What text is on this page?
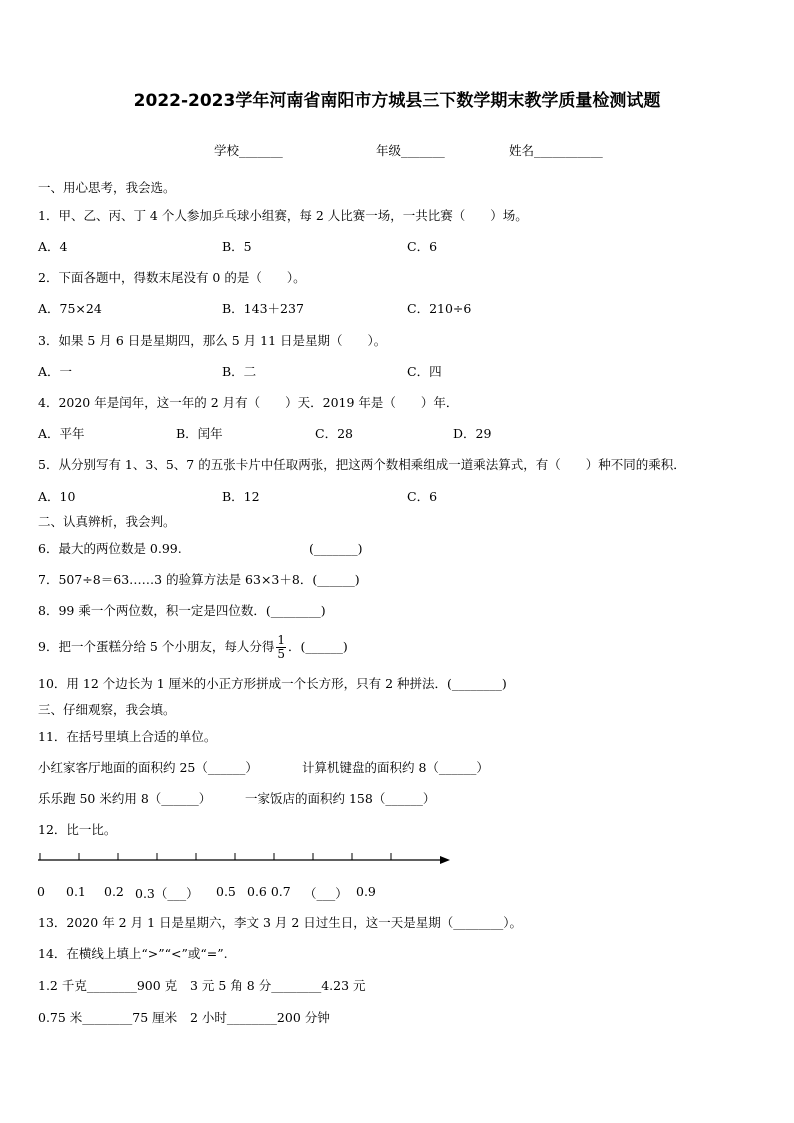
2022-2023学年河南省南阳市方城县三下数学期末教学质量检测试题
学校_______	年级_______	姓名___________
一、用心思考，我会选。
1．甲、乙、丙、丁 4 个人参加乒乓球小组赛，每 2 人比赛一场，一共比赛（　　）场。
A．4	B．5	C．6
2．下面各题中，得数末尾没有 0 的是（　　）。
A．75×24	B．143＋237	C．210÷6
3．如果 5 月 6 日是星期四，那么 5 月 11 日是星期（　　）。
A．一	B．二	C．四
4．2020 年是闰年，这一年的 2 月有（　　）天．2019 年是（　　）年．
A．平年	B．闰年	C．28	D．29
5．从分别写有 1、3、5、7 的五张卡片中任取两张，把这两个数相乘组成一道乘法算式，有（　　）种不同的乘积．
A．10	B．12	C．6
二、认真辨析，我会判。
6．最大的两位数是 0.99.	(_______)
7．507÷8＝63……3 的验算方法是 63×3＋8．(______)
8．99 乘一个两位数，积一定是四位数．(________)
9．把一个蛋糕分给 5 个小朋友，每人分得 $\frac{1}{5}$ ．(______)
10．用 12 个边长为 1 厘米的小正方形拼成一个长方形，只有 2 种拼法．(________)
三、仔细观察，我会填。
11．在括号里填上合适的单位。
小红家客厅地面的面积约 25（______）	计算机键盘的面积约 8（______）
乐乐跑 50 米约用 8（______）	一家饭店的面积约 158（______）
12．比一比。
0 0.1 0.2 0.3（___） 0.5 0.6 0.7 （___） 0.9
13．2020 年 2 月 1 日是星期六，李文 3 月 2 日过生日，这一天是星期（________）。
14．在横线上填上“>”“<”或“=”.
1.2 千克________900 克 3 元 5 角 8 分________4.23 元
0.75 米________75 厘米 2 小时________200 分钟
